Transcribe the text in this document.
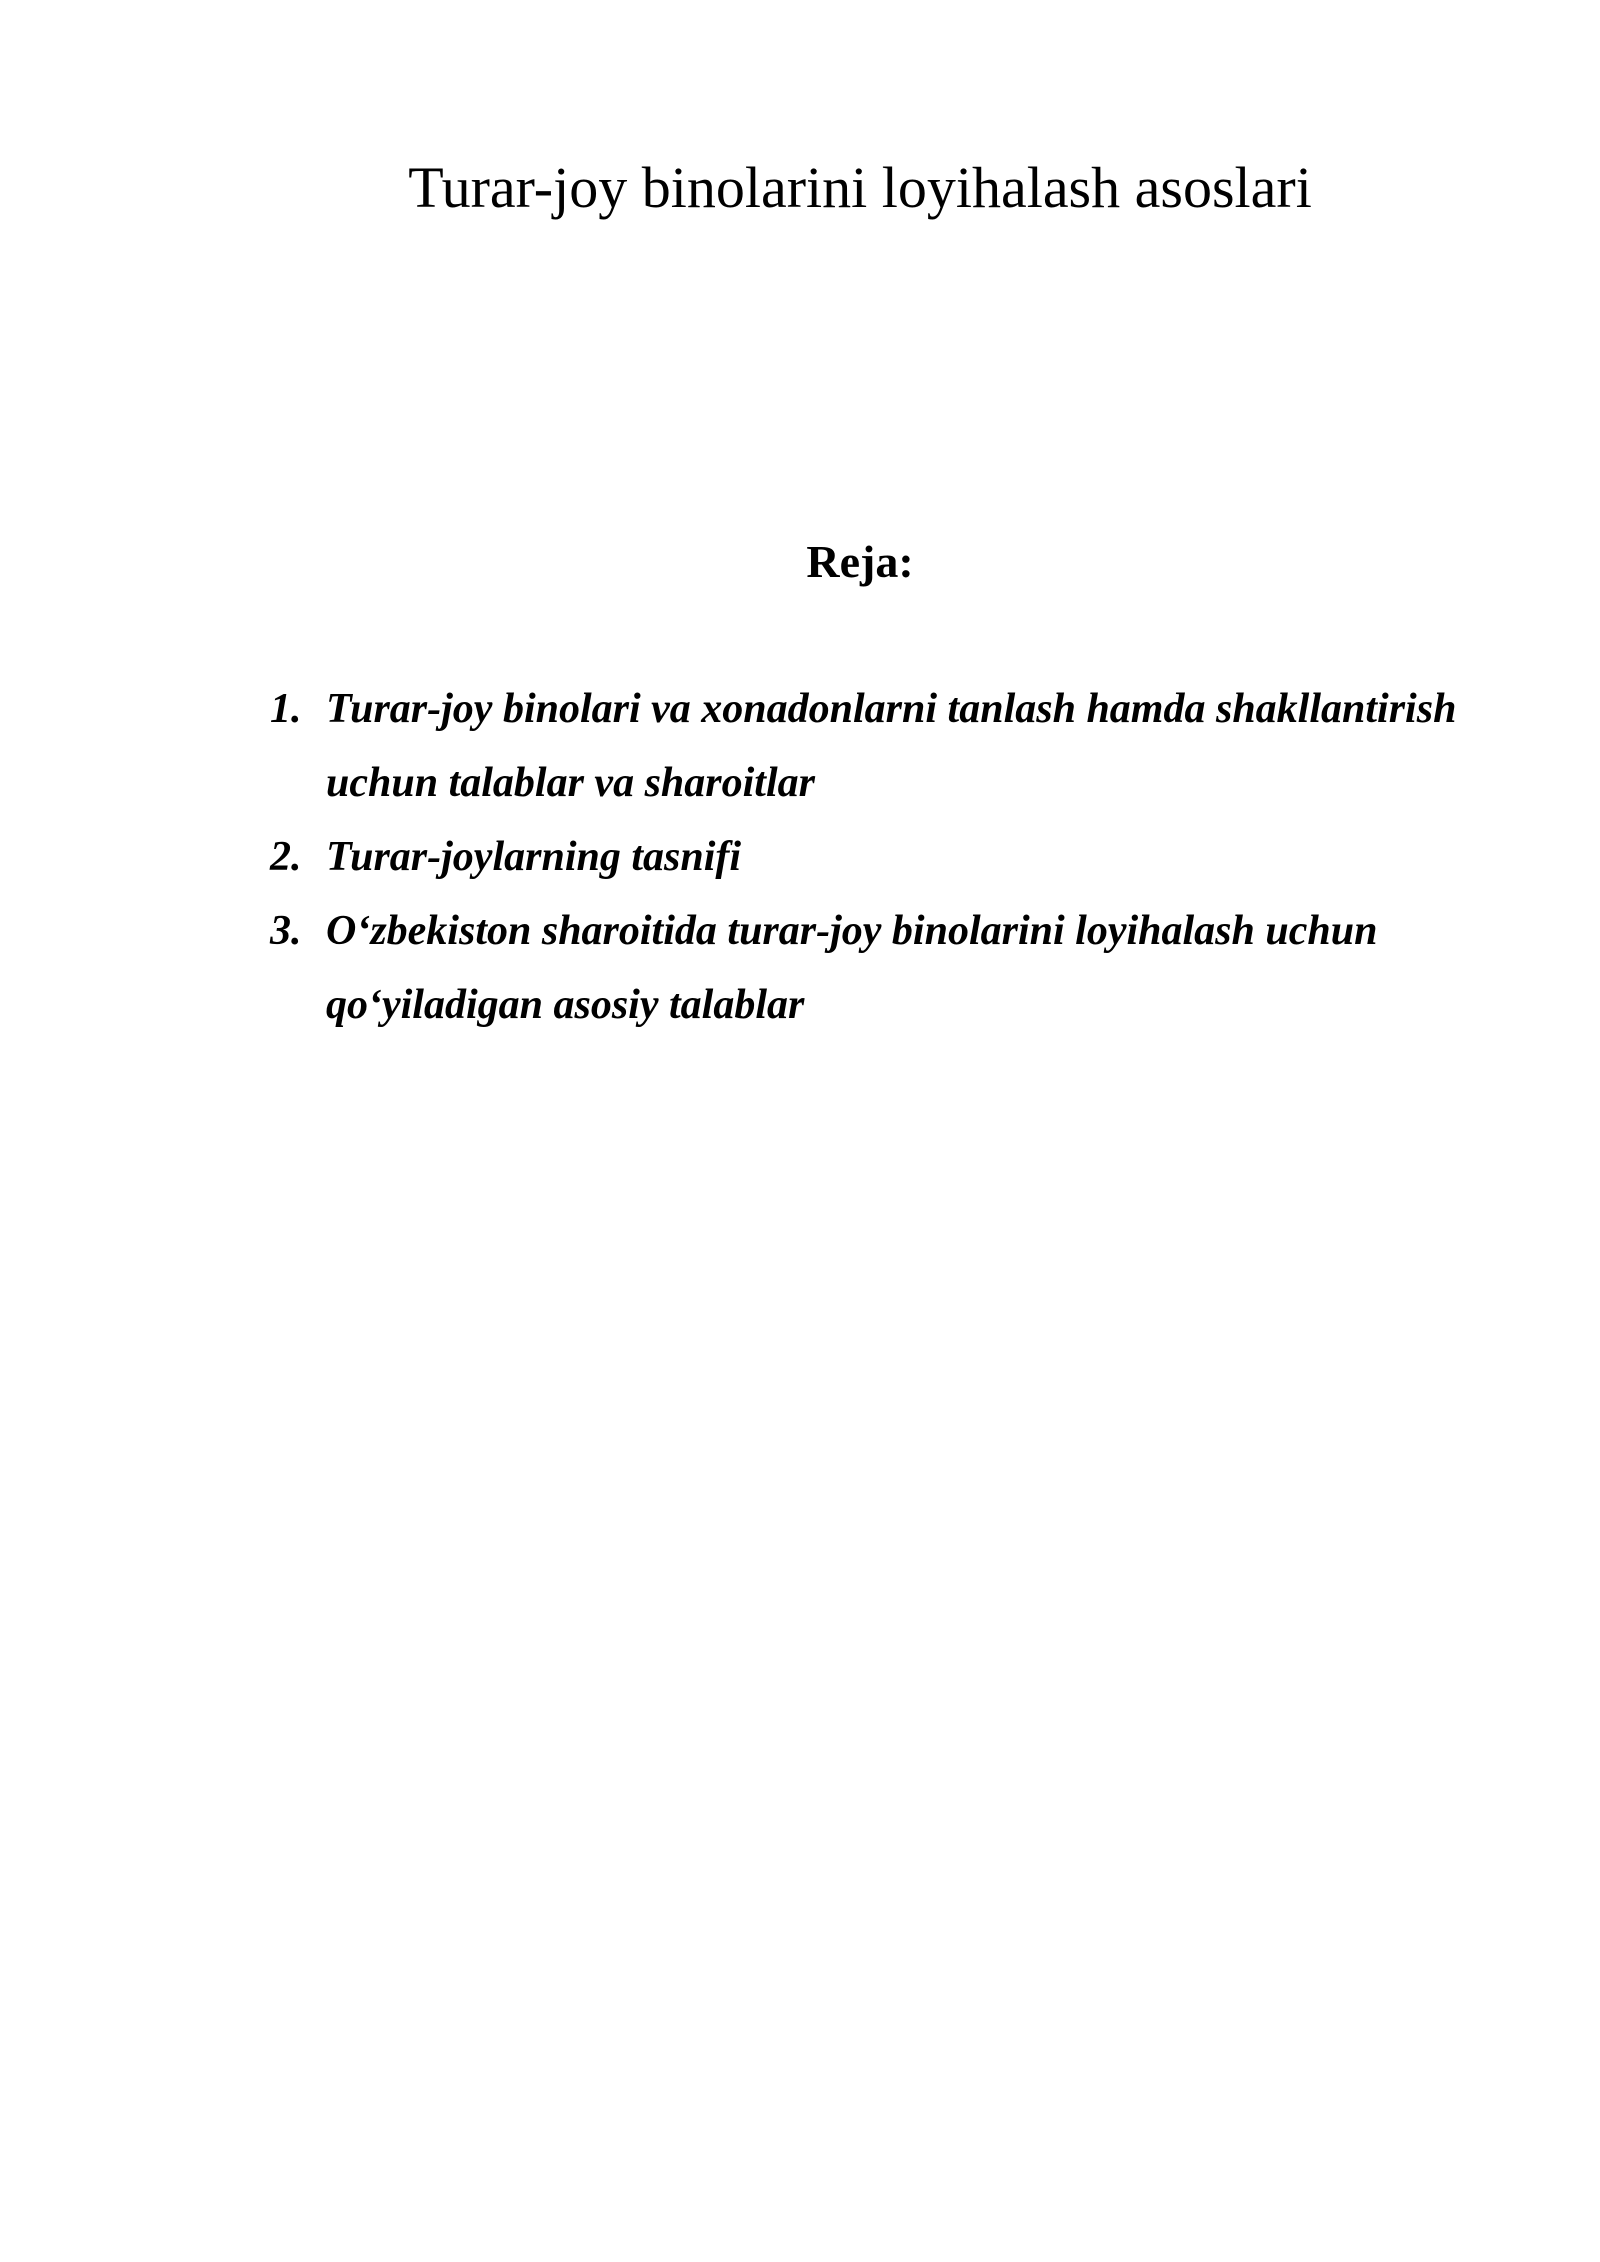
Turar-joy binolarini loyihalash asoslari
Reja:
1. Turar-joy binolari va xonadonlarni tanlash hamda shakllantirish uchun talablar va sharoitlar
2. Turar-joylarning tasnifi
3. O‘zbekiston sharoitida turar-joy binolarini loyihalash uchun qo‘yiladigan asosiy talablar
